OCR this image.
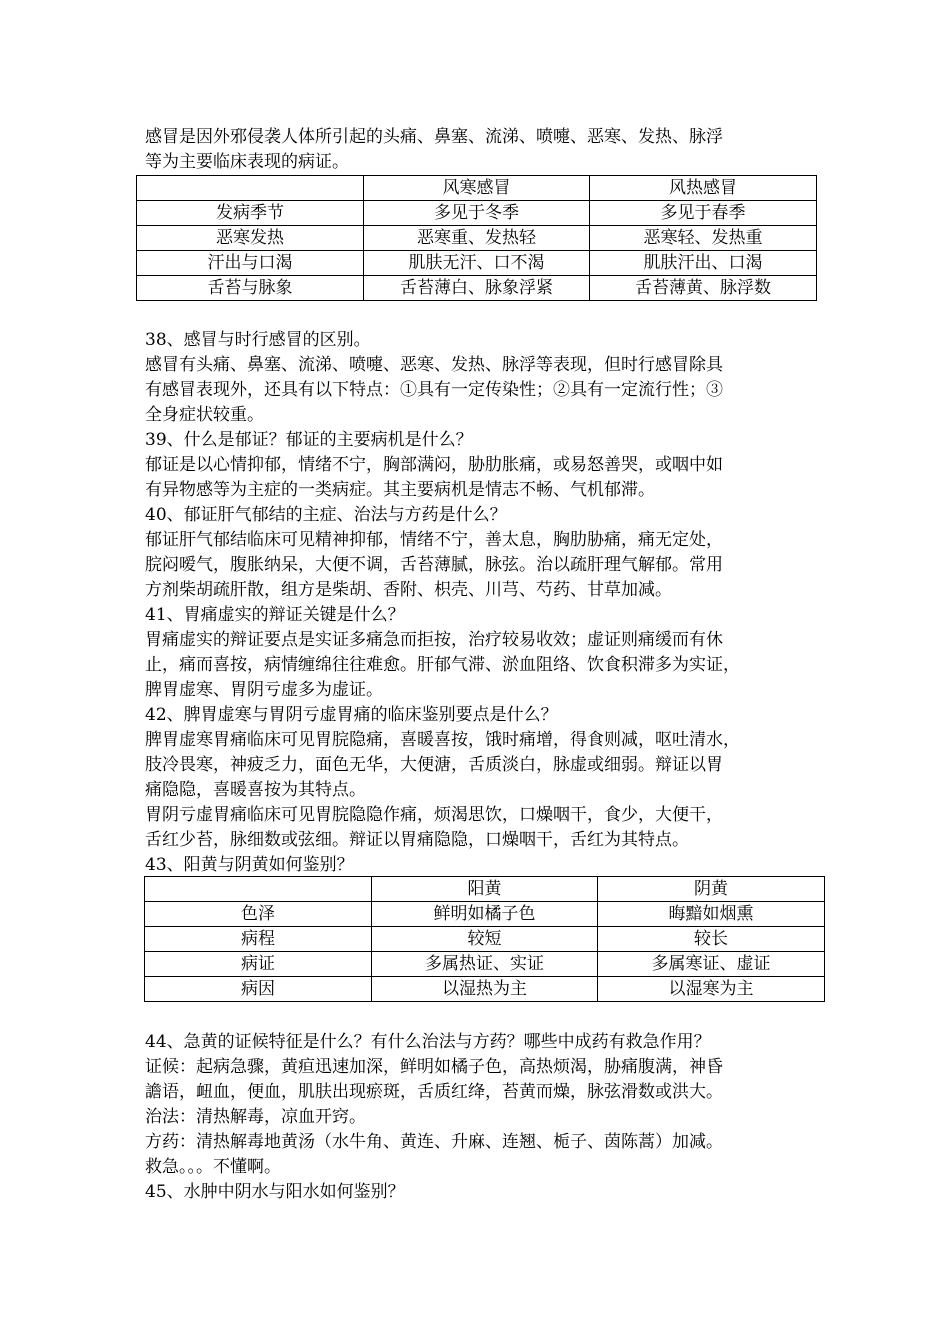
感冒是因外邪侵袭人体所引起的头痛、鼻塞、流涕、喷嚏、恶寒、发热、脉浮

等为主要临床表现的病证。

	风寒感冒	风热感冒
发病季节	多见于冬季	多见于春季
恶寒发热	恶寒重、发热轻	恶寒轻、发热重
汗出与口渴	肌肤无汗、口不渴	肌肤汗出、口渴
舌苔与脉象	舌苔薄白、脉象浮紧	舌苔薄黄、脉浮数

38、感冒与时行感冒的区别。

感冒有头痛、鼻塞、流涕、喷嚏、恶寒、发热、脉浮等表现，但时行感冒除具

有感冒表现外，还具有以下特点：①具有一定传染性；②具有一定流行性；③

全身症状较重。

39、什么是郁证？郁证的主要病机是什么？

郁证是以心情抑郁，情绪不宁，胸部满闷，胁肋胀痛，或易怒善哭，或咽中如

有异物感等为主症的一类病症。其主要病机是情志不畅、气机郁滞。

40、郁证肝气郁结的主症、治法与方药是什么？

郁证肝气郁结临床可见精神抑郁，情绪不宁，善太息，胸肋胁痛，痛无定处，

脘闷嗳气，腹胀纳呆，大便不调，舌苔薄腻，脉弦。治以疏肝理气解郁。常用

方剂柴胡疏肝散，组方是柴胡、香附、枳壳、川芎、芍药、甘草加减。

41、胃痛虚实的辩证关键是什么？

胃痛虚实的辩证要点是实证多痛急而拒按，治疗较易收效；虚证则痛缓而有休

止，痛而喜按，病情缠绵往往难愈。肝郁气滞、淤血阻络、饮食积滞多为实证，

脾胃虚寒、胃阴亏虚多为虚证。

42、脾胃虚寒与胃阴亏虚胃痛的临床鉴别要点是什么？

脾胃虚寒胃痛临床可见胃脘隐痛，喜暖喜按，饿时痛增，得食则减，呕吐清水，

肢冷畏寒，神疲乏力，面色无华，大便溏，舌质淡白，脉虚或细弱。辩证以胃

痛隐隐，喜暖喜按为其特点。

胃阴亏虚胃痛临床可见胃脘隐隐作痛，烦渴思饮，口燥咽干，食少，大便干，

舌红少苔，脉细数或弦细。辩证以胃痛隐隐，口燥咽干，舌红为其特点。

43、阳黄与阴黄如何鉴别？

	阳黄	阴黄
色泽	鲜明如橘子色	晦黯如烟熏
病程	较短	较长
病证	多属热证、实证	多属寒证、虚证
病因	以湿热为主	以湿寒为主

44、急黄的证候特征是什么？有什么治法与方药？哪些中成药有救急作用？

证候：起病急骤，黄疸迅速加深，鲜明如橘子色，高热烦渴，胁痛腹满，神昏

譫语，衄血，便血，肌肤出现瘀斑，舌质红绛，苔黄而燥，脉弦滑数或洪大。

治法：清热解毒，凉血开窍。

方药：清热解毒地黄汤（水牛角、黄连、升麻、连翘、栀子、茵陈蒿）加减。

救急。。。不懂啊。

45、水肿中阴水与阳水如何鉴别？
